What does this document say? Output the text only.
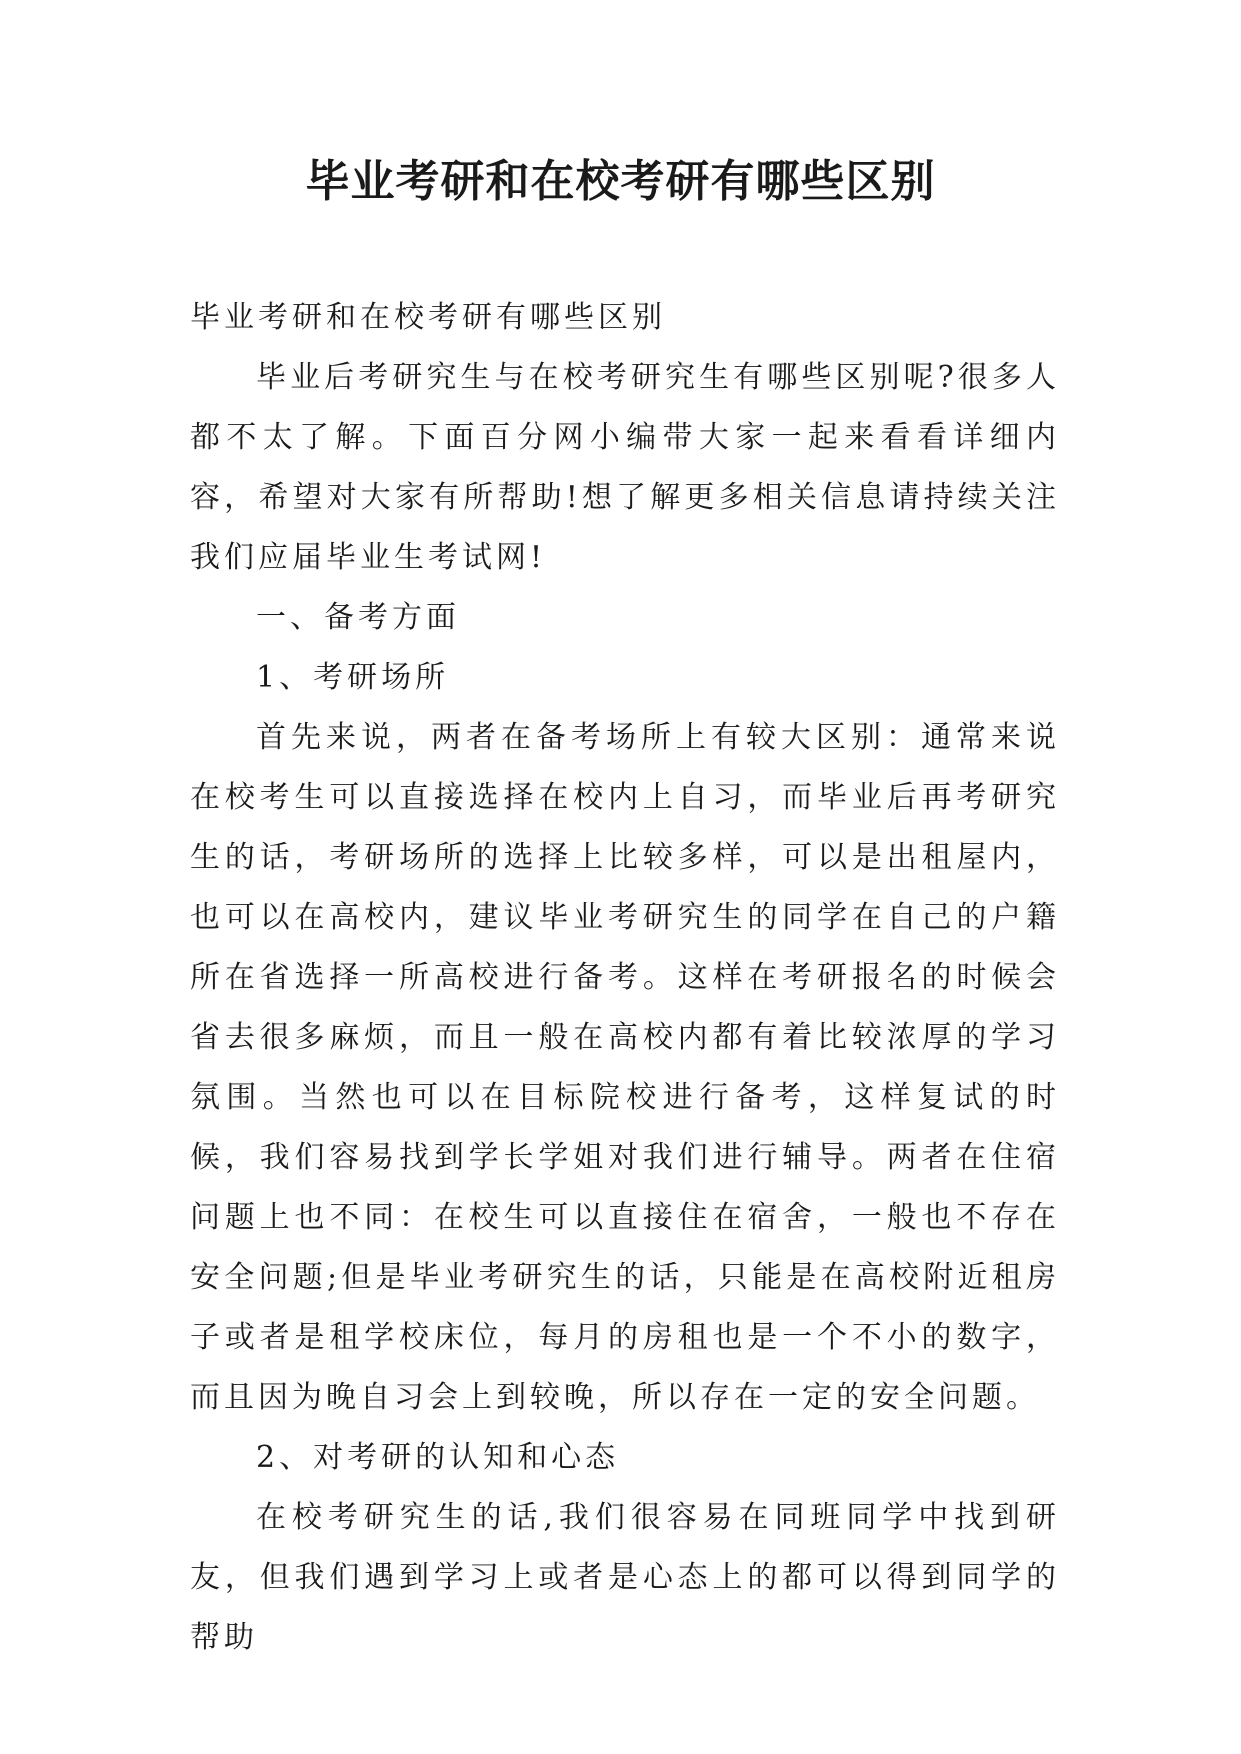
毕业考研和在校考研有哪些区别

毕业考研和在校考研有哪些区别

毕业后考研究生与在校考研究生有哪些区别呢?很多人都不太了解。下面百分网小编带大家一起来看看详细内容，希望对大家有所帮助!想了解更多相关信息请持续关注我们应届毕业生考试网!

一、备考方面

1、考研场所

首先来说，两者在备考场所上有较大区别：通常来说在校考生可以直接选择在校内上自习，而毕业后再考研究生的话，考研场所的选择上比较多样，可以是出租屋内，也可以在高校内，建议毕业考研究生的同学在自己的户籍所在省选择一所高校进行备考。这样在考研报名的时候会省去很多麻烦，而且一般在高校内都有着比较浓厚的学习氛围。当然也可以在目标院校进行备考，这样复试的时候，我们容易找到学长学姐对我们进行辅导。两者在住宿问题上也不同：在校生可以直接住在宿舍，一般也不存在安全问题;但是毕业考研究生的话，只能是在高校附近租房子或者是租学校床位，每月的房租也是一个不小的数字，而且因为晚自习会上到较晚，所以存在一定的安全问题。

2、对考研的认知和心态

在校考研究生的话,我们很容易在同班同学中找到研友，但我们遇到学习上或者是心态上的都可以得到同学的帮助
